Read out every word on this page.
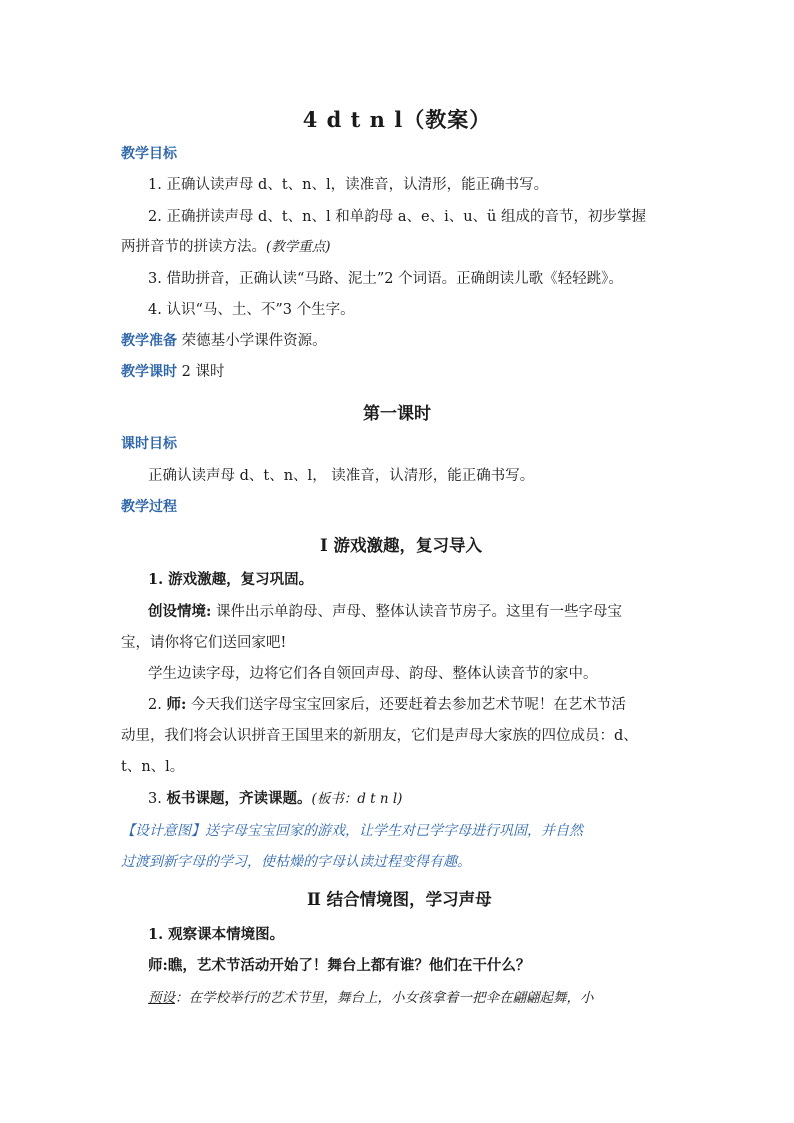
4 d t n l（教案）
教学目标
1. 正确认读声母 d、t、n、l，读准音，认清形，能正确书写。
2. 正确拼读声母 d、t、n、l 和单韵母 a、e、i、u、ü 组成的音节，初步掌握
两拼音节的拼读方法。(教学重点)
3. 借助拼音，正确认读“马路、泥土”2 个词语。正确朗读儿歌《轻轻跳》。
4. 认识“马、土、不”3 个生字。
教学准备 荣德基小学课件资源。
教学课时 2 课时
第一课时
课时目标
正确认读声母 d、t、n、l， 读准音，认清形，能正确书写。
教学过程
Ⅰ 游戏激趣，复习导入
1. 游戏激趣，复习巩固。
创设情境: 课件出示单韵母、声母、整体认读音节房子。这里有一些字母宝
宝，请你将它们送回家吧!
学生边读字母，边将它们各自领回声母、韵母、整体认读音节的家中。
2. 师: 今天我们送字母宝宝回家后，还要赶着去参加艺术节呢！在艺术节活
动里，我们将会认识拼音王国里来的新朋友，它们是声母大家族的四位成员：d、
t、n、l。
3. 板书课题，齐读课题。(板书：d t n l)
【设计意图】送字母宝宝回家的游戏，让学生对已学字母进行巩固，并自然
过渡到新字母的学习，使枯燥的字母认读过程变得有趣。
Ⅱ 结合情境图，学习声母
1. 观察课本情境图。
师:瞧，艺术节活动开始了！舞台上都有谁？他们在干什么？
预设：在学校举行的艺术节里，舞台上，小女孩拿着一把伞在翩翩起舞，小
